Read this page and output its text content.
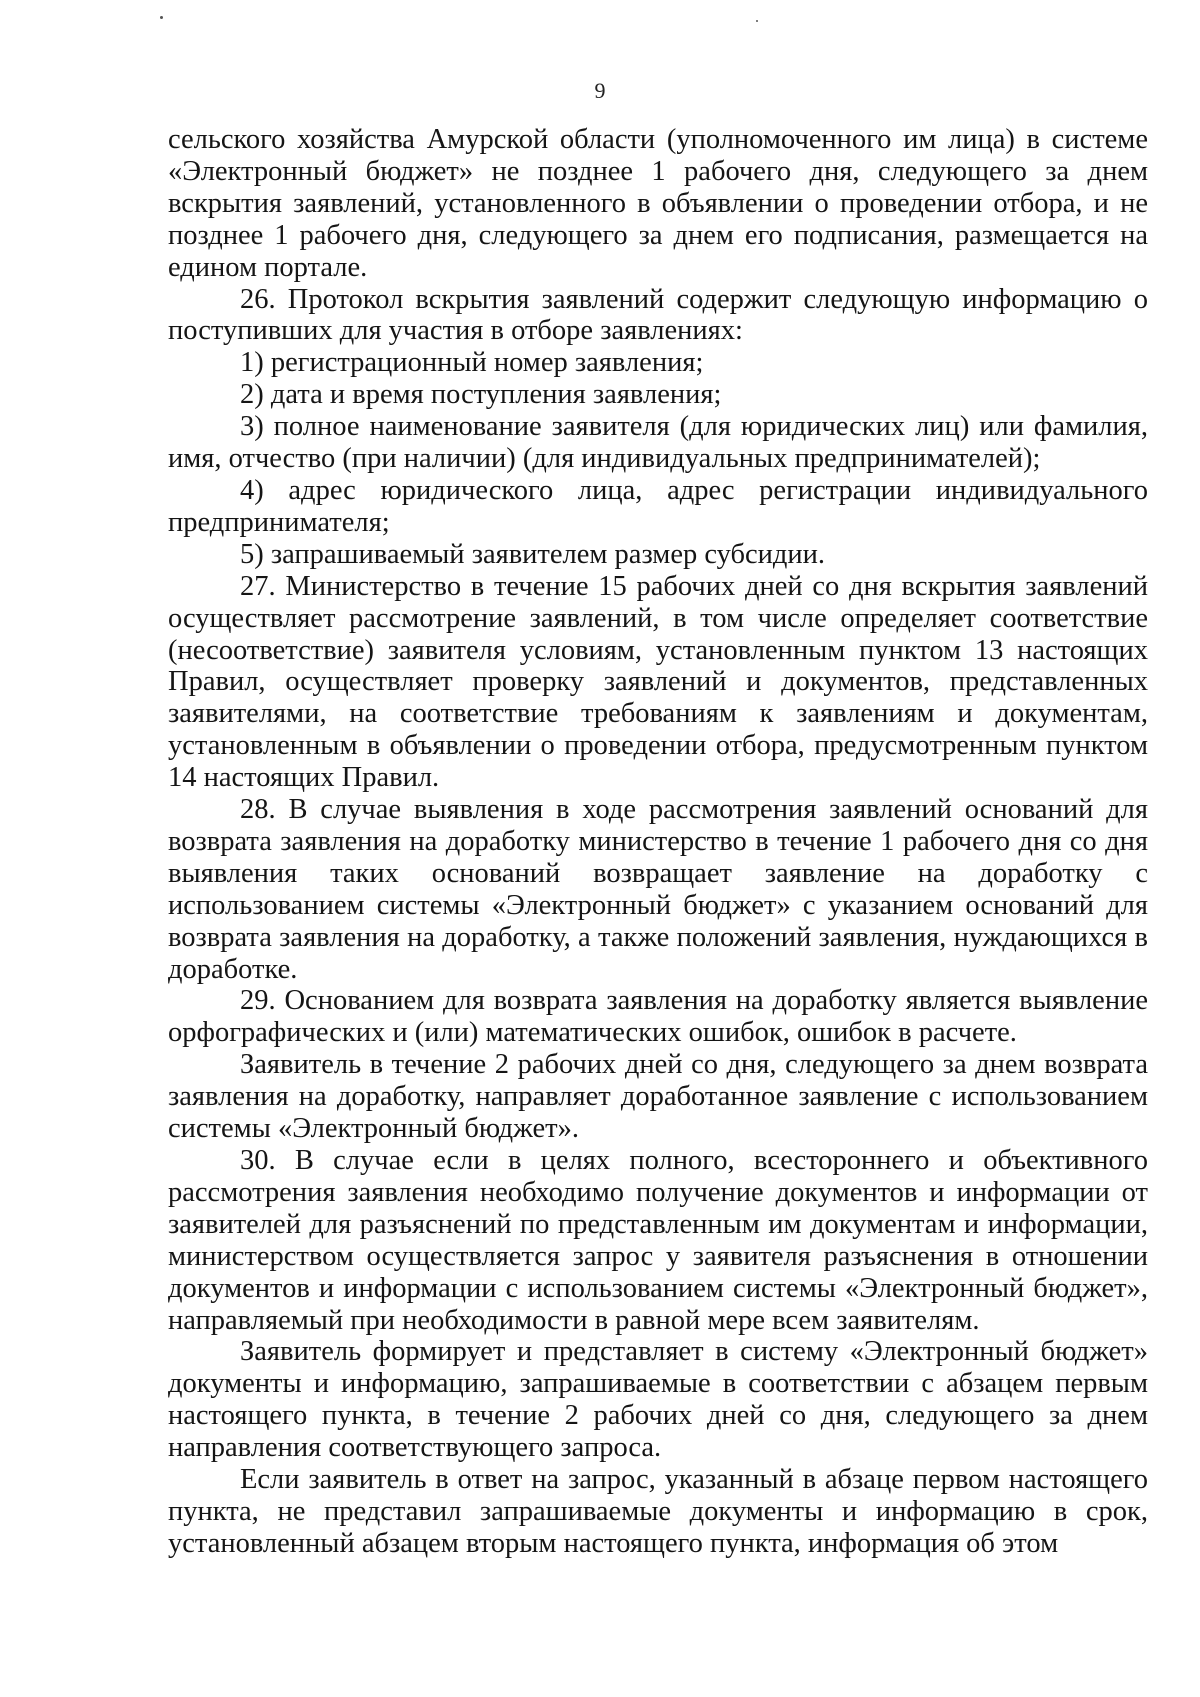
9

сельского хозяйства Амурской области (уполномоченного им лица) в системе «Электронный бюджет» не позднее 1 рабочего дня, следующего за днем вскрытия заявлений, установленного в объявлении о проведении отбора, и не позднее 1 рабочего дня, следующего за днем его подписания, размещается на едином портале.

26. Протокол вскрытия заявлений содержит следующую информацию о поступивших для участия в отборе заявлениях:

1) регистрационный номер заявления;

2) дата и время поступления заявления;

3) полное наименование заявителя (для юридических лиц) или фамилия, имя, отчество (при наличии) (для индивидуальных предпринимателей);

4) адрес юридического лица, адрес регистрации индивидуального предпринимателя;

5) запрашиваемый заявителем размер субсидии.

27. Министерство в течение 15 рабочих дней со дня вскрытия заявлений осуществляет рассмотрение заявлений, в том числе определяет соответствие (несоответствие) заявителя условиям, установленным пунктом 13 настоящих Правил, осуществляет проверку заявлений и документов, представленных заявителями, на соответствие требованиям к заявлениям и документам, установленным в объявлении о проведении отбора, предусмотренным пунктом 14 настоящих Правил.

28. В случае выявления в ходе рассмотрения заявлений оснований для возврата заявления на доработку министерство в течение 1 рабочего дня со дня выявления таких оснований возвращает заявление на доработку с использованием системы «Электронный бюджет» с указанием оснований для возврата заявления на доработку, а также положений заявления, нуждающихся в доработке.

29. Основанием для возврата заявления на доработку является выявление орфографических и (или) математических ошибок, ошибок в расчете.

Заявитель в течение 2 рабочих дней со дня, следующего за днем возврата заявления на доработку, направляет доработанное заявление с использованием системы «Электронный бюджет».

30. В случае если в целях полного, всестороннего и объективного рассмотрения заявления необходимо получение документов и информации от заявителей для разъяснений по представленным им документам и информации, министерством осуществляется запрос у заявителя разъяснения в отношении документов и информации с использованием системы «Электронный бюджет», направляемый при необходимости в равной мере всем заявителям.

Заявитель формирует и представляет в систему «Электронный бюджет» документы и информацию, запрашиваемые в соответствии с абзацем первым настоящего пункта, в течение 2 рабочих дней со дня, следующего за днем направления соответствующего запроса.

Если заявитель в ответ на запрос, указанный в абзаце первом настоящего пункта, не представил запрашиваемые документы и информацию в срок, установленный абзацем вторым настоящего пункта, информация об этом
